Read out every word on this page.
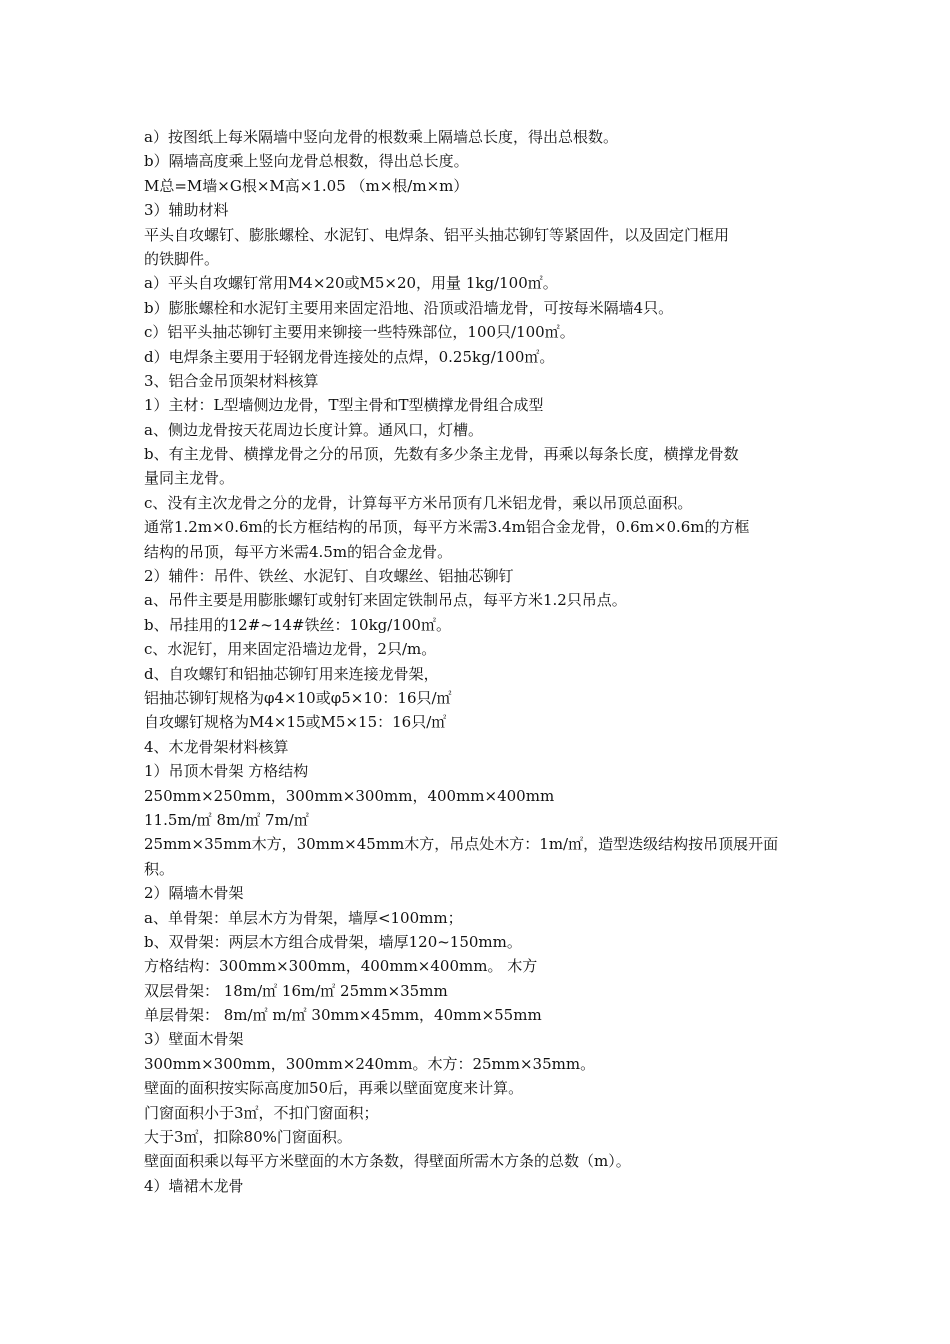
a）按图纸上每米隔墙中竖向龙骨的根数乘上隔墙总长度，得出总根数。
b）隔墙高度乘上竖向龙骨总根数，得出总长度。
M总=M墙×G根×M高×1.05 （m×根/m×m）
3）辅助材料
平头自攻螺钉、膨胀螺栓、水泥钉、电焊条、铝平头抽芯铆钉等紧固件，以及固定门框用
的铁脚件。
a）平头自攻螺钉常用M4×20或M5×20，用量 1kg/100㎡。
b）膨胀螺栓和水泥钉主要用来固定沿地、沿顶或沿墙龙骨，可按每米隔墙4只。
c）铝平头抽芯铆钉主要用来铆接一些特殊部位，100只/100㎡。
d）电焊条主要用于轻钢龙骨连接处的点焊，0.25kg/100㎡。
3、铝合金吊顶架材料核算
1）主材：L型墙侧边龙骨，T型主骨和T型横撑龙骨组合成型
a、侧边龙骨按天花周边长度计算。通风口，灯槽。
b、有主龙骨、横撑龙骨之分的吊顶，先数有多少条主龙骨，再乘以每条长度，横撑龙骨数
量同主龙骨。
c、没有主次龙骨之分的龙骨，计算每平方米吊顶有几米铝龙骨，乘以吊顶总面积。
通常1.2m×0.6m的长方框结构的吊顶，每平方米需3.4m铝合金龙骨，0.6m×0.6m的方框
结构的吊顶，每平方米需4.5m的铝合金龙骨。
2）辅件：吊件、铁丝、水泥钉、自攻螺丝、铝抽芯铆钉
a、吊件主要是用膨胀螺钉或射钉来固定铁制吊点，每平方米1.2只吊点。
b、吊挂用的12#~14#铁丝：10kg/100㎡。
c、水泥钉，用来固定沿墙边龙骨，2只/m。
d、自攻螺钉和铝抽芯铆钉用来连接龙骨架，
铝抽芯铆钉规格为φ4×10或φ5×10：16只/㎡
自攻螺钉规格为M4×15或M5×15：16只/㎡
4、木龙骨架材料核算
1）吊顶木骨架 方格结构
250mm×250mm，300mm×300mm，400mm×400mm
11.5m/㎡ 8m/㎡ 7m/㎡
25mm×35mm木方，30mm×45mm木方，吊点处木方：1m/㎡，造型迭级结构按吊顶展开面
积。
2）隔墙木骨架
a、单骨架：单层木方为骨架，墙厚<100mm；
b、双骨架：两层木方组合成骨架，墙厚120~150mm。
方格结构：300mm×300mm，400mm×400mm。 木方
双层骨架： 18m/㎡ 16m/㎡ 25mm×35mm
单层骨架： 8m/㎡ m/㎡ 30mm×45mm，40mm×55mm
3）壁面木骨架
300mm×300mm，300mm×240mm。木方：25mm×35mm。
壁面的面积按实际高度加50后，再乘以壁面宽度来计算。
门窗面积小于3㎡，不扣门窗面积；
大于3㎡，扣除80%门窗面积。
壁面面积乘以每平方米壁面的木方条数，得壁面所需木方条的总数（m）。
4）墙裙木龙骨
